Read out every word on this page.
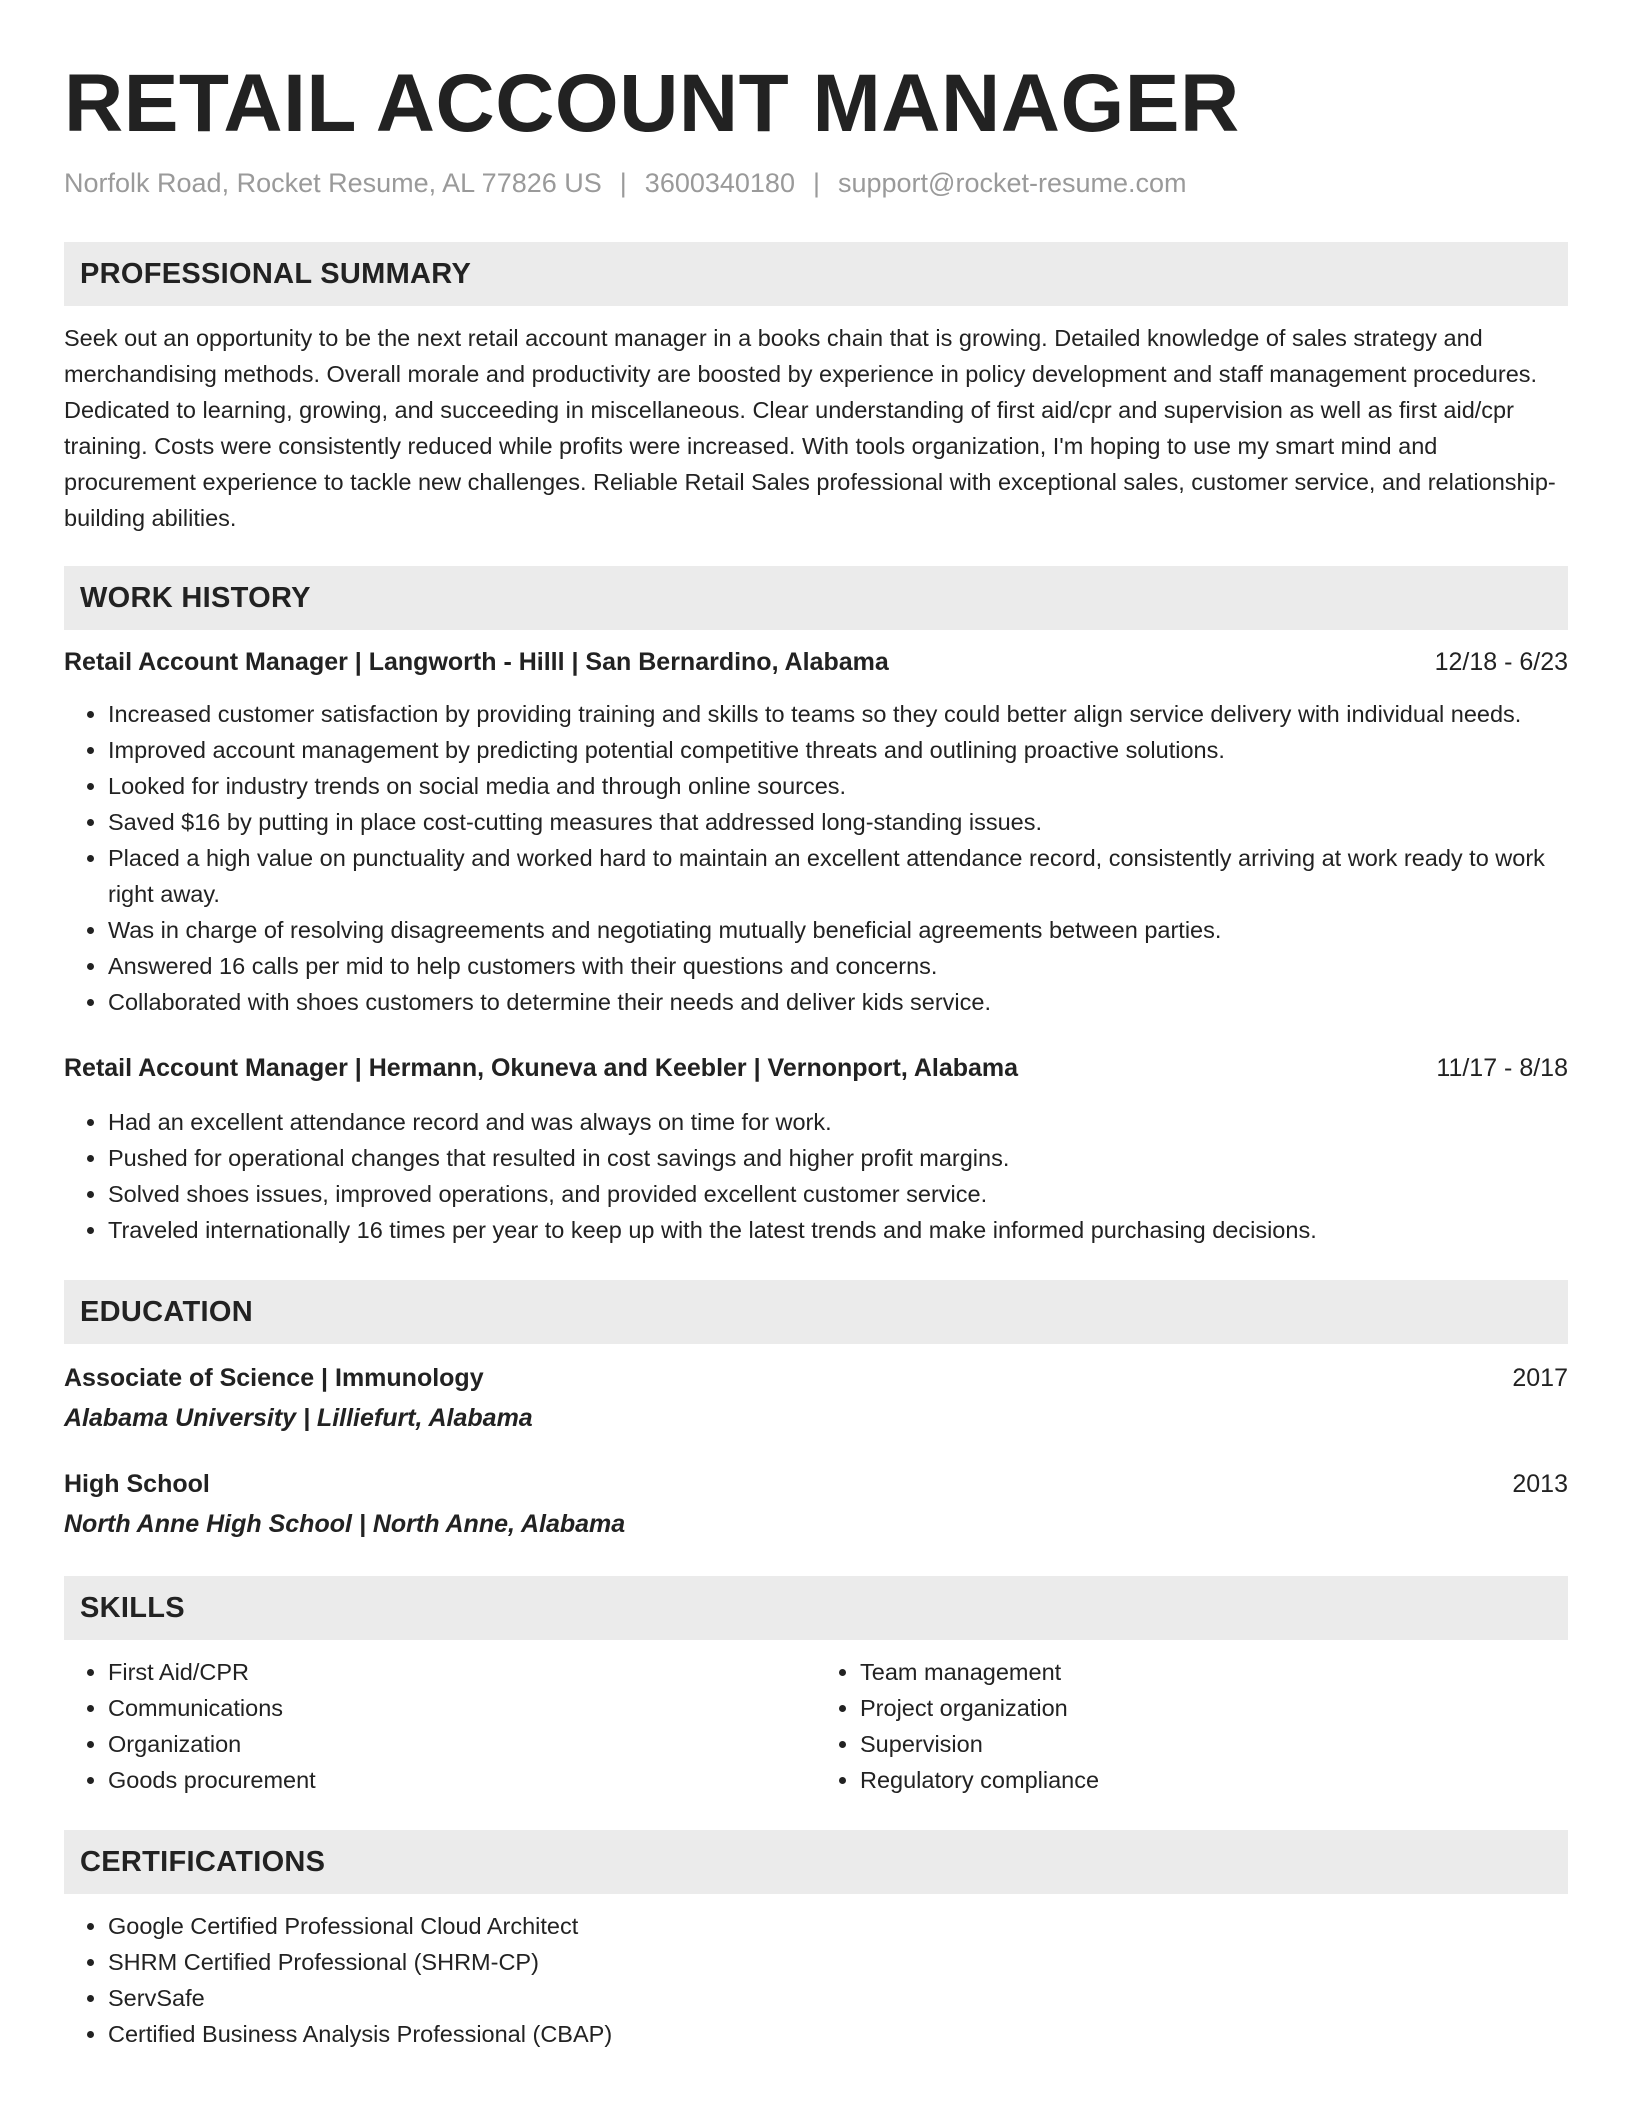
RETAIL ACCOUNT MANAGER
Norfolk Road, Rocket Resume, AL 77826 US | 3600340180 | support@rocket-resume.com
PROFESSIONAL SUMMARY

Seek out an opportunity to be the next retail account manager in a books chain that is growing. Detailed knowledge of sales strategy and merchandising methods. Overall morale and productivity are boosted by experience in policy development and staff management procedures. Dedicated to learning, growing, and succeeding in miscellaneous. Clear understanding of first aid/cpr and supervision as well as first aid/cpr training. Costs were consistently reduced while profits were increased. With tools organization, I'm hoping to use my smart mind and procurement experience to tackle new challenges. Reliable Retail Sales professional with exceptional sales, customer service, and relationship-building abilities.

WORK HISTORY
Retail Account Manager | Langworth - Hilll | San Bernardino, Alabama	12/18 - 6/23
• Increased customer satisfaction by providing training and skills to teams so they could better align service delivery with individual needs.
• Improved account management by predicting potential competitive threats and outlining proactive solutions.
• Looked for industry trends on social media and through online sources.
• Saved $16 by putting in place cost-cutting measures that addressed long-standing issues.
• Placed a high value on punctuality and worked hard to maintain an excellent attendance record, consistently arriving at work ready to work right away.
• Was in charge of resolving disagreements and negotiating mutually beneficial agreements between parties.
• Answered 16 calls per mid to help customers with their questions and concerns.
• Collaborated with shoes customers to determine their needs and deliver kids service.
Retail Account Manager | Hermann, Okuneva and Keebler | Vernonport, Alabama	11/17 - 8/18
• Had an excellent attendance record and was always on time for work.
• Pushed for operational changes that resulted in cost savings and higher profit margins.
• Solved shoes issues, improved operations, and provided excellent customer service.
• Traveled internationally 16 times per year to keep up with the latest trends and make informed purchasing decisions.
EDUCATION
Associate of Science | Immunology	2017
Alabama University | Lilliefurt, Alabama
High School	2013
North Anne High School | North Anne, Alabama
SKILLS
• First Aid/CPR
• Communications
• Organization
• Goods procurement
• Team management
• Project organization
• Supervision
• Regulatory compliance
CERTIFICATIONS
• Google Certified Professional Cloud Architect
• SHRM Certified Professional (SHRM-CP)
• ServSafe
• Certified Business Analysis Professional (CBAP)
